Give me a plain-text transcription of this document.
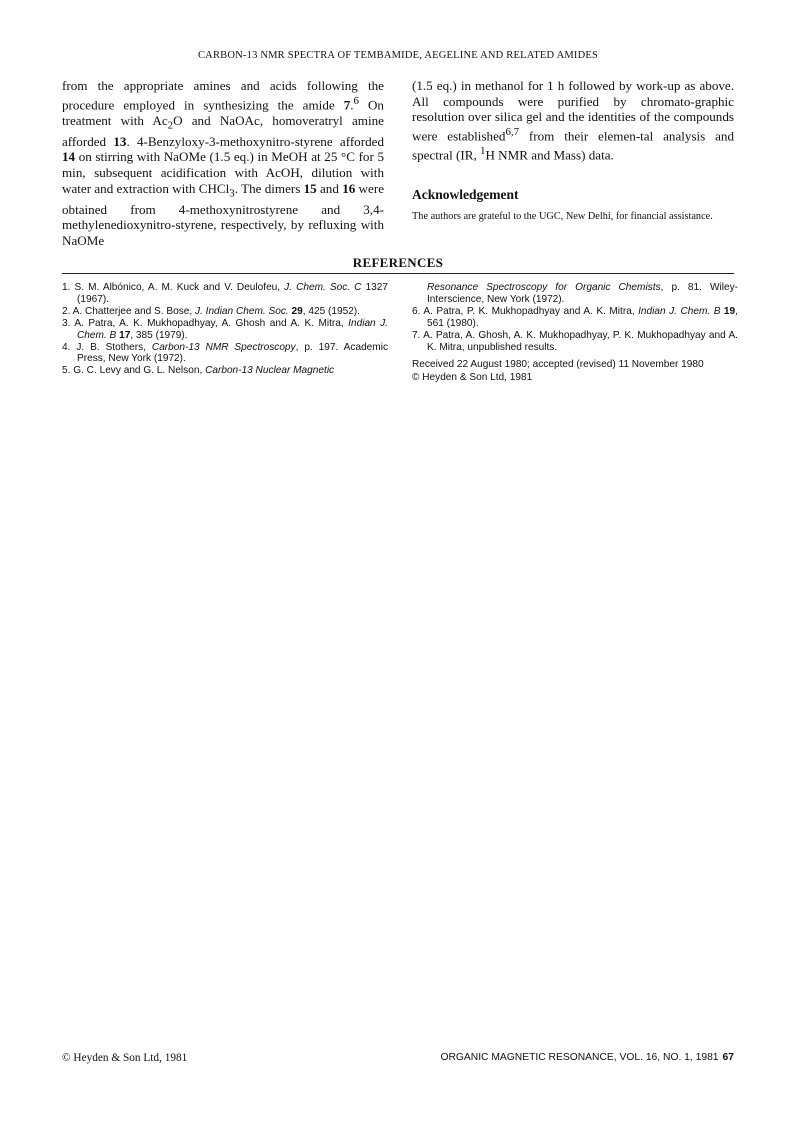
CARBON-13 NMR SPECTRA OF TEMBAMIDE, AEGELINE AND RELATED AMIDES

from the appropriate amines and acids following the procedure employed in synthesizing the amide 7.$^6$ On treatment with $Ac_2O$ and NaOAc, homoveratryl amine afforded 13. 4-Benzyloxy-3-methoxynitro-styrene afforded 14 on stirring with NaOMe (1.5 eq.) in MeOH at 25 °C for 5 min, subsequent acidification with AcOH, dilution with water and extraction with CHCl$_3$. The dimers 15 and 16 were obtained from 4-methoxynitrostyrene and 3,4-methylenedioxynitro-styrene, respectively, by refluxing with NaOMe

(1.5 eq.) in methanol for 1 h followed by work-up as above. All compounds were purified by chromato-graphic resolution over silica gel and the identities of the compounds were established$^{6,7}$ from their elemen-tal analysis and spectral (IR, $^1$H NMR and Mass) data.

Acknowledgement

The authors are grateful to the UGC, New Delhi, for financial assistance.

REFERENCES

1. S. M. Albónico, A. M. Kuck and V. Deulofeu, J. Chem. Soc. C 1327 (1967).

2. A. Chatterjee and S. Bose, J. Indian Chem. Soc. 29, 425 (1952).

3. A. Patra, A. K. Mukhopadhyay, A. Ghosh and A. K. Mitra, Indian J. Chem. B 17, 385 (1979).

4. J. B. Stothers, Carbon-13 NMR Spectroscopy, p. 197. Academic Press, New York (1972).

5. G. C. Levy and G. L. Nelson, Carbon-13 Nuclear Magnetic

Resonance Spectroscopy for Organic Chemists, p. 81. Wiley-Interscience, New York (1972).

6. A. Patra, P. K. Mukhopadhyay and A. K. Mitra, Indian J. Chem. B 19, 561 (1980).

7. A. Patra, A. Ghosh, A. K. Mukhopadhyay, P. K. Mukhopadhyay and A. K. Mitra, unpublished results.

Received 22 August 1980; accepted (revised) 11 November 1980

© Heyden & Son Ltd, 1981

© Heyden & Son Ltd, 1981	ORGANIC MAGNETIC RESONANCE, VOL. 16, NO. 1, 1981 67
